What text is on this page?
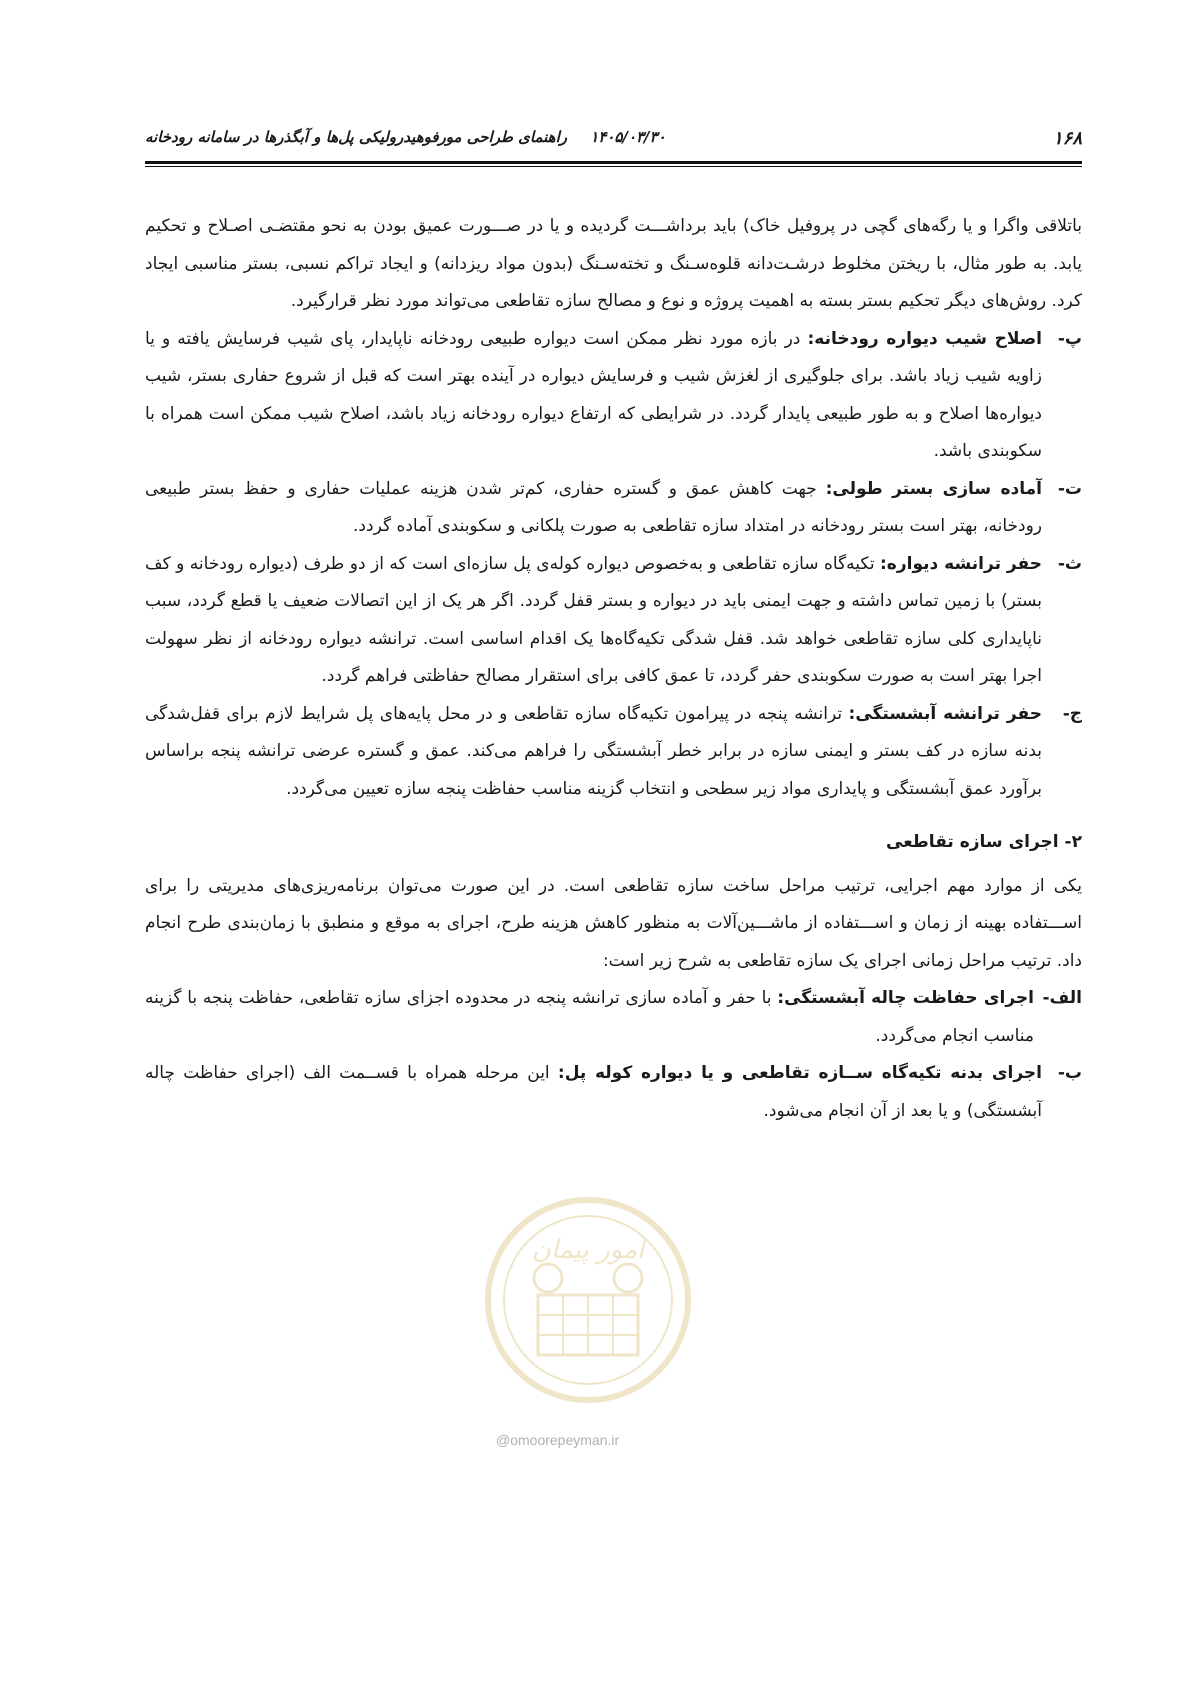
۱۶۸
۱۴۰۵/۰۳/۳۰ راهنمای طراحی مورفوهیدرولیکی پل‌ها و آبگذرها در سامانه رودخانه

باتلاقی واگرا و یا رگه‌های گچی در پروفیل خاک) باید برداشـــت گردیده و یا در صـــورت عمیق بودن به نحو مقتضـی اصـلاح و تحکیم یابد. به طور مثال، با ریختن مخلوط درشـت‌دانه قلوه‌سـنگ و تخته‌سـنگ (بدون مواد ریزدانه) و ایجاد تراکم نسبی، بستر مناسبی ایجاد کرد. روش‌های دیگر تحکیم بستر بسته به اهمیت پروژه و نوع و مصالح سازه تقاطعی می‌تواند مورد نظر قرارگیرد.

پ-
اصلاح شیب دیواره رودخانه: در بازه مورد نظر ممکن است دیواره طبیعی رودخانه ناپایدار، پای شیب فرسایش یافته و یا زاویه شیب زیاد باشد. برای جلوگیری از لغزش شیب و فرسایش دیواره در آینده بهتر است که قبل از شروع حفاری بستر، شیب دیواره‌ها اصلاح و به طور طبیعی پایدار گردد. در شرایطی که ارتفاع دیواره رودخانه زیاد باشد، اصلاح شیب ممکن است همراه با سکوبندی باشد.
ت-
آماده سازی بستر طولی: جهت کاهش عمق و گستره حفاری، کم‌تر شدن هزینه عملیات حفاری و حفظ بستر طبیعی رودخانه، بهتر است بستر رودخانه در امتداد سازه تقاطعی به صورت پلکانی و سکوبندی آماده گردد.
ث-
حفر ترانشه دیواره: تکیه‌گاه سازه تقاطعی و به‌خصوص دیواره کوله‌ی پل سازه‌ای است که از دو طرف (دیواره رودخانه و کف بستر) با زمین تماس داشته و جهت ایمنی باید در دیواره و بستر قفل گردد. اگر هر یک از این اتصالات ضعیف یا قطع گردد، سبب ناپایداری کلی سازه تقاطعی خواهد شد. قفل شدگی تکیه‌گاه‌ها یک اقدام اساسی است. ترانشه دیواره رودخانه از نظر سهولت اجرا بهتر است به صورت سکوبندی حفر گردد، تا عمق کافی برای استقرار مصالح حفاظتی فراهم گردد.
ج-
حفر ترانشه آبشستگی: ترانشه پنجه در پیرامون تکیه‌گاه سازه تقاطعی و در محل پایه‌های پل شرایط لازم برای قفل‌شدگی بدنه سازه در کف بستر و ایمنی سازه در برابر خطر آبشستگی را فراهم می‌کند. عمق و گستره عرضی ترانشه پنجه براساس برآورد عمق آبشستگی و پایداری مواد زیر سطحی و انتخاب گزینه مناسب حفاظت پنجه سازه تعیین می‌گردد.
۲- اجرای سازه تقاطعی

یکی از موارد مهم اجرایی، ترتیب مراحل ساخت سازه تقاطعی است. در این صورت می‌توان برنامه‌ریزی‌های مدیریتی را برای اســـتفاده بهینه از زمان و اســـتفاده از ماشـــین‌آلات به منظور کاهش هزینه طرح، اجرای به موقع و منطبق با زمان‌بندی طرح انجام داد. ترتیب مراحل زمانی اجرای یک سازه تقاطعی به شرح زیر است:

الف-
اجرای حفاظت چاله آبشستگی: با حفر و آماده سازی ترانشه پنجه در محدوده اجزای سازه تقاطعی، حفاظت پنجه با گزینه مناسب انجام می‌گردد.
ب-
اجرای بدنه تکیه‌گاه ســازه تقاطعی و یا دیواره کوله پل: این مرحله همراه با قســمت الف (اجرای حفاظت چاله آبشستگی) و یا بعد از آن انجام می‌شود.
امور پیمان
@omoorepeyman.ir
